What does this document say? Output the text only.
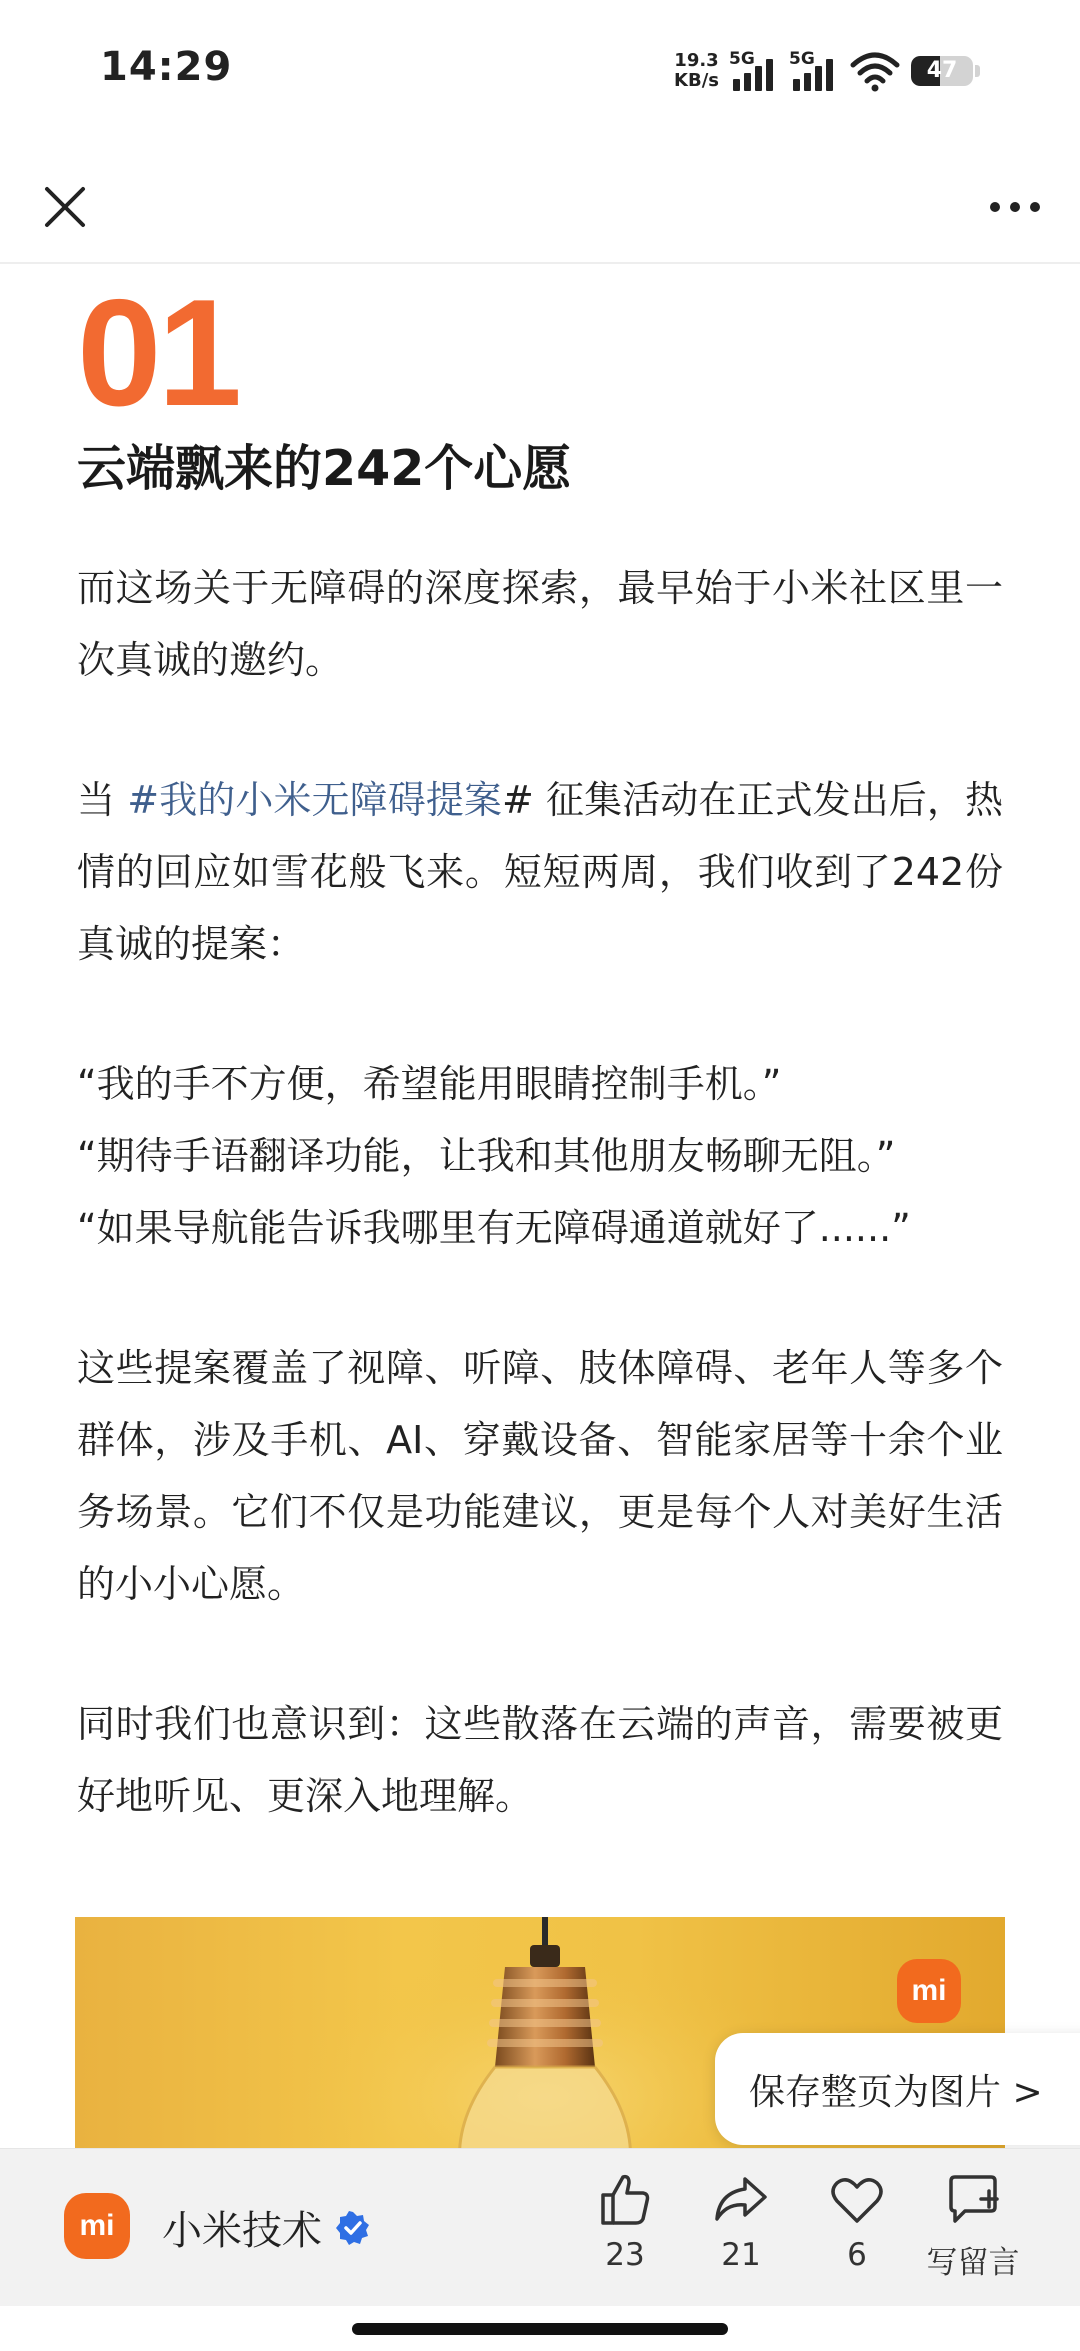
14:29	19.3
KB/s
5G 5G	47
01
云端飘来的242个心愿

而这场关于无障碍的深度探索，最早始于小米社区里一次真诚的邀约。

当 #我的小米无障碍提案# 征集活动在正式发出后，热情的回应如雪花般飞来。短短两周，我们收到了242份真诚的提案：

“我的手不方便，希望能用眼睛控制手机。”
“期待手语翻译功能，让我和其他朋友畅聊无阻。”
“如果导航能告诉我哪里有无障碍通道就好了......”

这些提案覆盖了视障、听障、肢体障碍、老年人等多个群体，涉及手机、AI、穿戴设备、智能家居等十余个业务场景。它们不仅是功能建议，更是每个人对美好生活的小小心愿。

同时我们也意识到：这些散落在云端的声音，需要被更好地听见、更深入地理解。

mi
保存整页为图片 >
mi	小米技术
23 21	6 写留言
